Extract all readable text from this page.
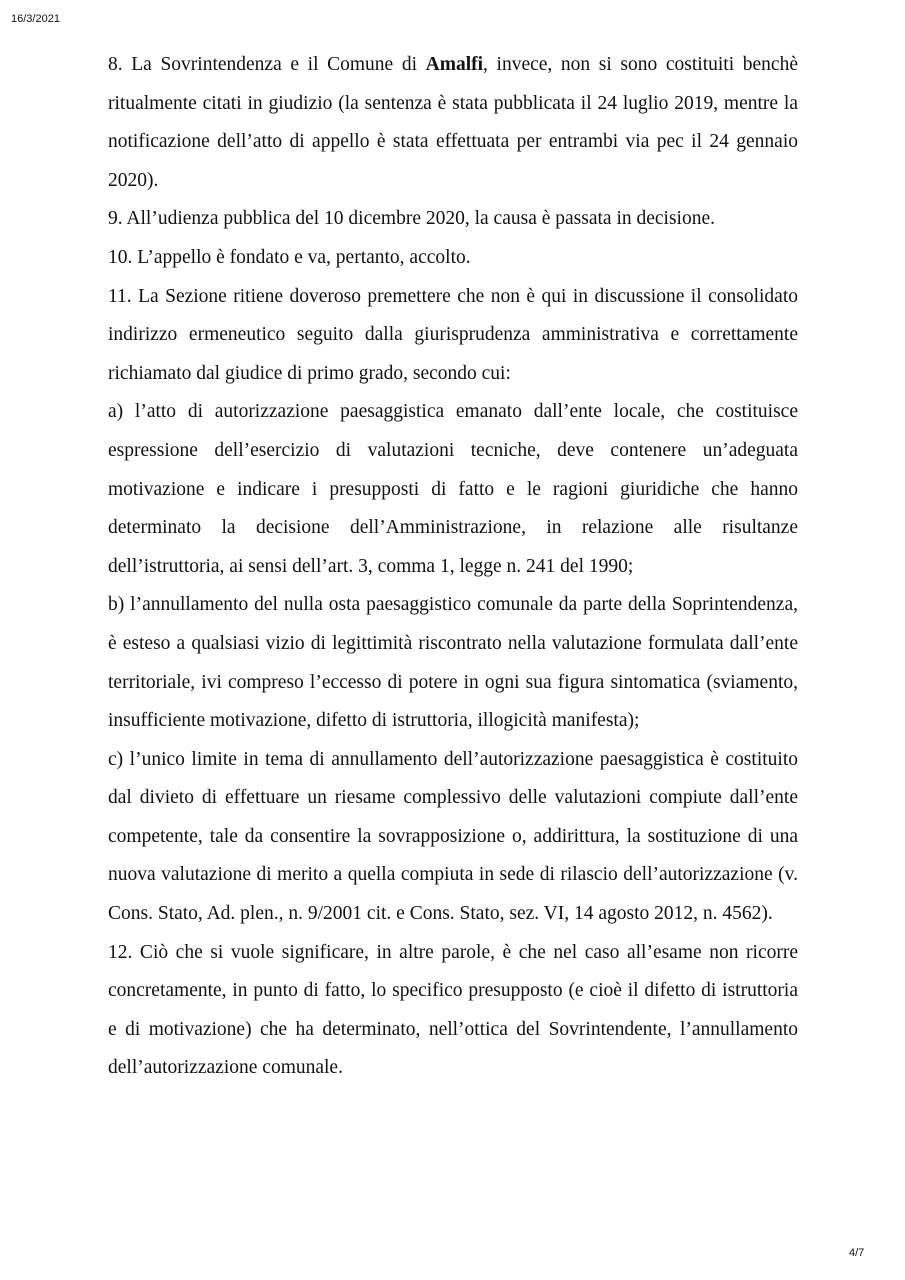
16/3/2021

8. La Sovrintendenza e il Comune di Amalfi, invece, non si sono costituiti benchè ritualmente citati in giudizio (la sentenza è stata pubblicata il 24 luglio 2019, mentre la notificazione dell’atto di appello è stata effettuata per entrambi via pec il 24 gennaio 2020).

9. All’udienza pubblica del 10 dicembre 2020, la causa è passata in decisione.

10. L’appello è fondato e va, pertanto, accolto.

11. La Sezione ritiene doveroso premettere che non è qui in discussione il consolidato indirizzo ermeneutico seguito dalla giurisprudenza amministrativa e correttamente richiamato dal giudice di primo grado, secondo cui:

a) l’atto di autorizzazione paesaggistica emanato dall’ente locale, che costituisce espressione dell’esercizio di valutazioni tecniche, deve contenere un’adeguata motivazione e indicare i presupposti di fatto e le ragioni giuridiche che hanno determinato la decisione dell’Amministrazione, in relazione alle risultanze dell’istruttoria, ai sensi dell’art. 3, comma 1, legge n. 241 del 1990;

b) l’annullamento del nulla osta paesaggistico comunale da parte della Soprintendenza, è esteso a qualsiasi vizio di legittimità riscontrato nella valutazione formulata dall’ente territoriale, ivi compreso l’eccesso di potere in ogni sua figura sintomatica (sviamento, insufficiente motivazione, difetto di istruttoria, illogicità manifesta);

c) l’unico limite in tema di annullamento dell’autorizzazione paesaggistica è costituito dal divieto di effettuare un riesame complessivo delle valutazioni compiute dall’ente competente, tale da consentire la sovrapposizione o, addirittura, la sostituzione di una nuova valutazione di merito a quella compiuta in sede di rilascio dell’autorizzazione (v. Cons. Stato, Ad. plen., n. 9/2001 cit. e Cons. Stato, sez. VI, 14 agosto 2012, n. 4562).

12. Ciò che si vuole significare, in altre parole, è che nel caso all’esame non ricorre concretamente, in punto di fatto, lo specifico presupposto (e cioè il difetto di istruttoria e di motivazione) che ha determinato, nell’ottica del Sovrintendente, l’annullamento dell’autorizzazione comunale.

4/7
